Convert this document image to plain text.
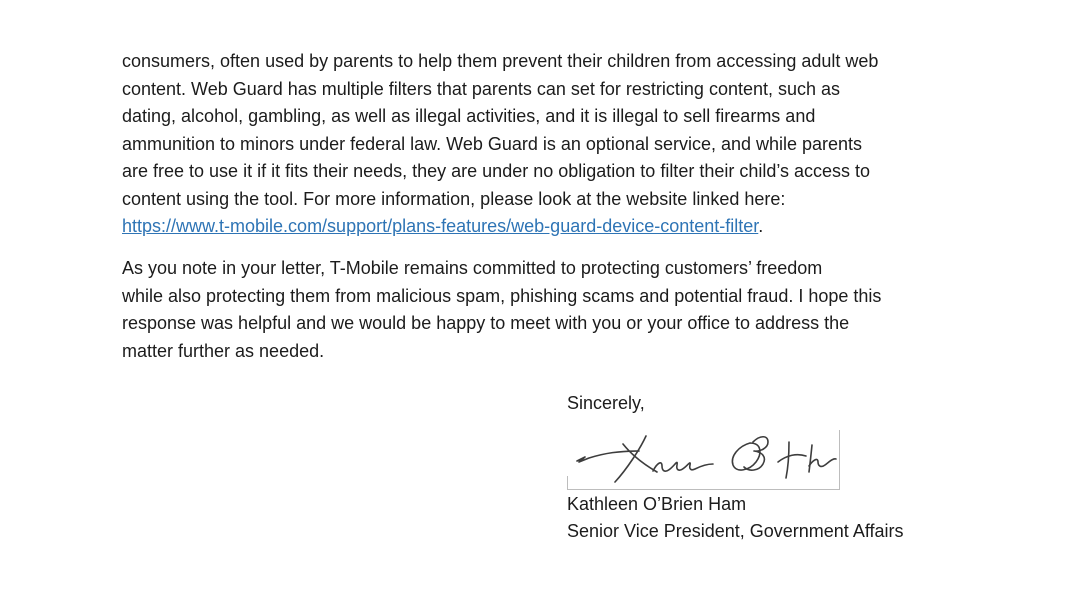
consumers, often used by parents to help them prevent their children from accessing adult web
content. Web Guard has multiple filters that parents can set for restricting content, such as
dating, alcohol, gambling, as well as illegal activities, and it is illegal to sell firearms and
ammunition to minors under federal law. Web Guard is an optional service, and while parents
are free to use it if it fits their needs, they are under no obligation to filter their child’s access to
content using the tool. For more information, please look at the website linked here:
https://www.t-mobile.com/support/plans-features/web-guard-device-content-filter.
As you note in your letter, T-Mobile remains committed to protecting customers’ freedom
while also protecting them from malicious spam, phishing scams and potential fraud. I hope this
response was helpful and we would be happy to meet with you or your office to address the
matter further as needed.
Sincerely,
Kathleen O’Brien Ham
Senior Vice President, Government Affairs
